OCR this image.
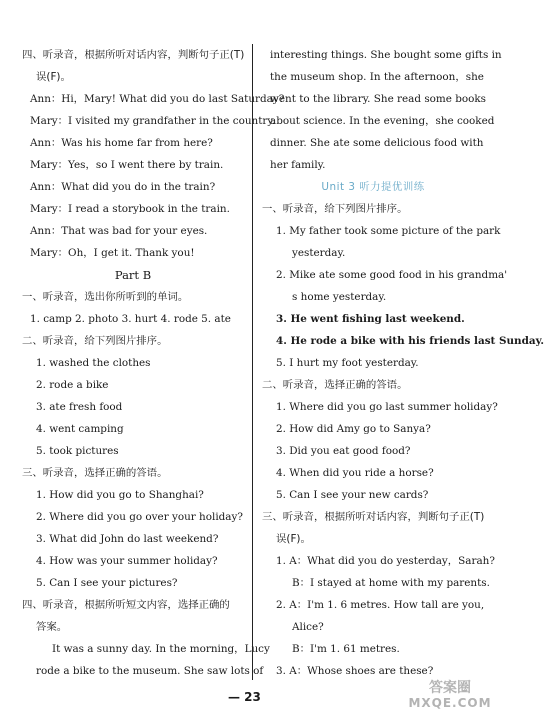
四、听录音，根据所听对话内容，判断句子正(T)
误(F)。
Ann：Hi，Mary! What did you do last Saturday?
Mary：I visited my grandfather in the country.
Ann：Was his home far from here?
Mary：Yes，so I went there by train.
Ann：What did you do in the train?
Mary：I read a storybook in the train.
Ann：That was bad for your eyes.
Mary：Oh，I get it. Thank you!
Part B
一、听录音，选出你所听到的单词。
1. camp 2. photo 3. hurt 4. rode 5. ate
二、听录音，给下列图片排序。
1. washed the clothes
2. rode a bike
3. ate fresh food
4. went camping
5. took pictures
三、听录音，选择正确的答语。
1. How did you go to Shanghai?
2. Where did you go over your holiday?
3. What did John do last weekend?
4. How was your summer holiday?
5. Can I see your pictures?
四、听录音，根据所听短文内容，选择正确的
答案。
It was a sunny day. In the morning，Lucy
rode a bike to the museum. She saw lots of
interesting things. She bought some gifts in
the museum shop. In the afternoon，she
went to the library. She read some books
about science. In the evening，she cooked
dinner. She ate some delicious food with
her family.
Unit 3 听力提优训练
一、听录音，给下列图片排序。
1. My father took some picture of the park
yesterday.
2. Mike ate some good food in his grandma'
s home yesterday.
3. He went fishing last weekend.
4. He rode a bike with his friends last Sunday.
5. I hurt my foot yesterday.
二、听录音，选择正确的答语。
1. Where did you go last summer holiday?
2. How did Amy go to Sanya?
3. Did you eat good food?
4. When did you ride a horse?
5. Can I see your new cards?
三、听录音，根据所听对话内容，判断句子正(T)
误(F)。
1. A：What did you do yesterday，Sarah?
B：I stayed at home with my parents.
2. A：I'm 1. 6 metres. How tall are you,
Alice?
B：I'm 1. 61 metres.
3. A：Whose shoes are these?
— 23
答案圈
MXQE.COM
